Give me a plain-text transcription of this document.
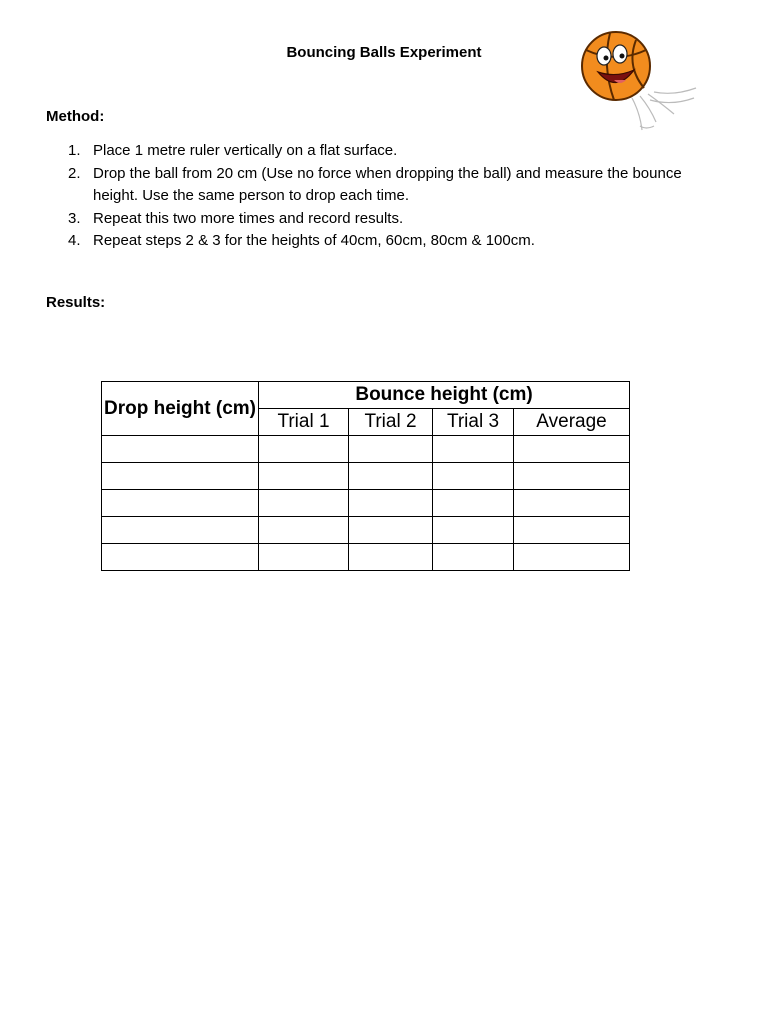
Bouncing Balls Experiment
Method:
1. Place 1 metre ruler vertically on a flat surface.
2. Drop the ball from 20 cm (Use no force when dropping the ball) and measure the bounce height. Use the same person to drop each time.
3. Repeat this two more times and record results.
4. Repeat steps 2 & 3 for the heights of 40cm, 60cm, 80cm & 100cm.
Results:
Drop height (cm)	Bounce height (cm)			
	Trial 1	Trial 2	Trial 3	Average
